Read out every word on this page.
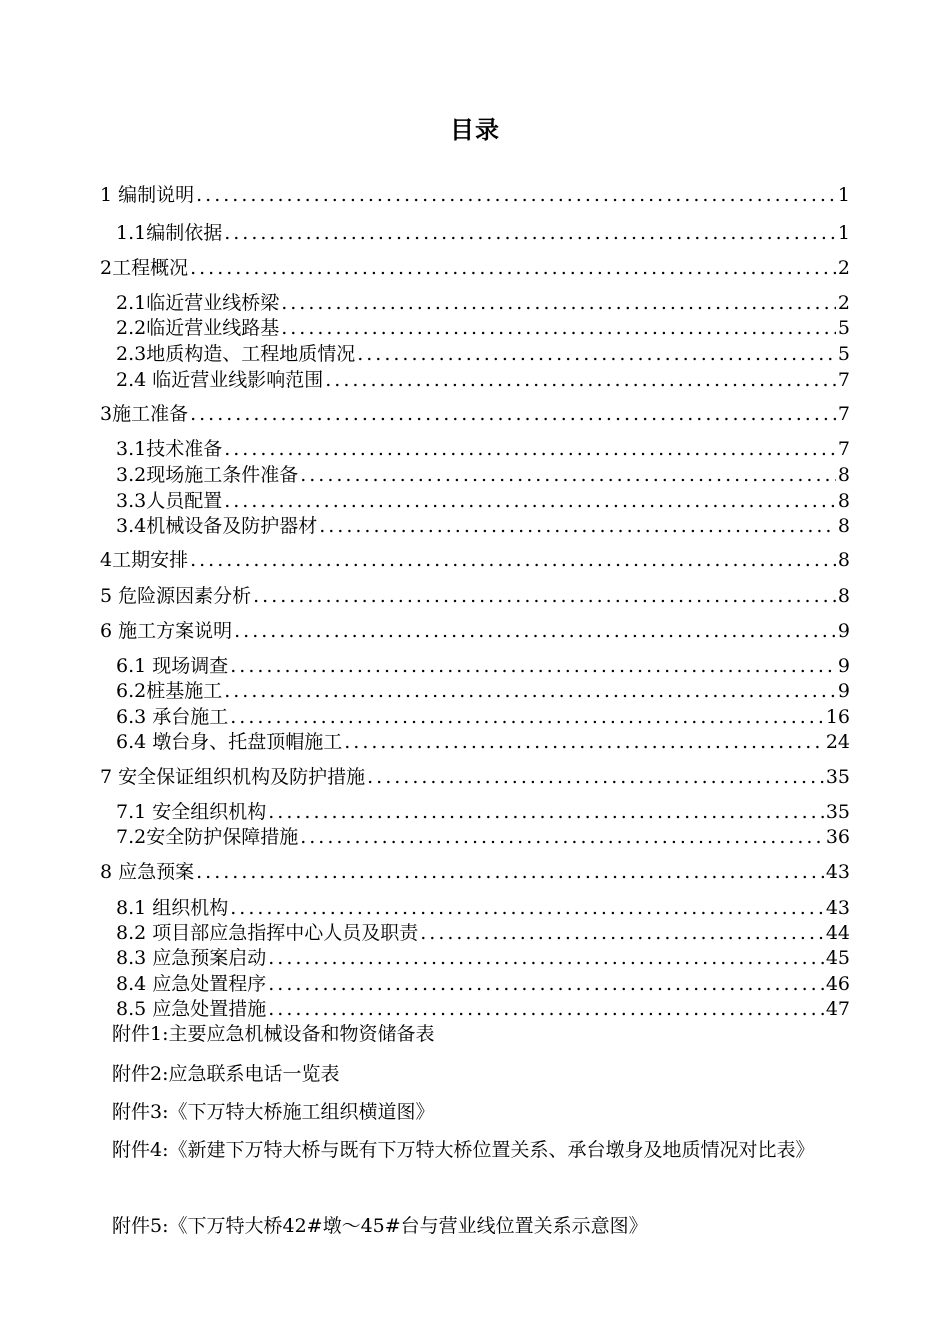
目录
1 编制说明 .....	1
1.1编制依据 .....	1
2工程概况 .....	2
2.1临近营业线桥梁 .....	2
2.2临近营业线路基 .....	5
2.3地质构造、工程地质情况 .....	5
2.4 临近营业线影响范围 .....	7
3施工准备 .....	7
3.1技术准备 .....	7
3.2现场施工条件准备 .....	8
3.3人员配置 .....	8
3.4机械设备及防护器材 .....	8
4工期安排 .....	8
5 危险源因素分析 .....	8
6 施工方案说明 .....	9
6.1 现场调查 .....	9
6.2桩基施工 .....	9
6.3 承台施工 .....	16
6.4 墩台身、托盘顶帽施工 .....	24
7 安全保证组织机构及防护措施 .....	35
7.1 安全组织机构 .....	35
7.2安全防护保障措施 .....	36
8 应急预案 .....	43
8.1 组织机构 .....	43
8.2 项目部应急指挥中心人员及职责 .....	44
8.3 应急预案启动 .....	45
8.4 应急处置程序 .....	46
8.5 应急处置措施 .....	47
附件1:主要应急机械设备和物资储备表
附件2:应急联系电话一览表
附件3:《下万特大桥施工组织横道图》
附件4:《新建下万特大桥与既有下万特大桥位置关系、承台墩身及地质情况对比表》
附件5:《下万特大桥42#墩～45#台与营业线位置关系示意图》
